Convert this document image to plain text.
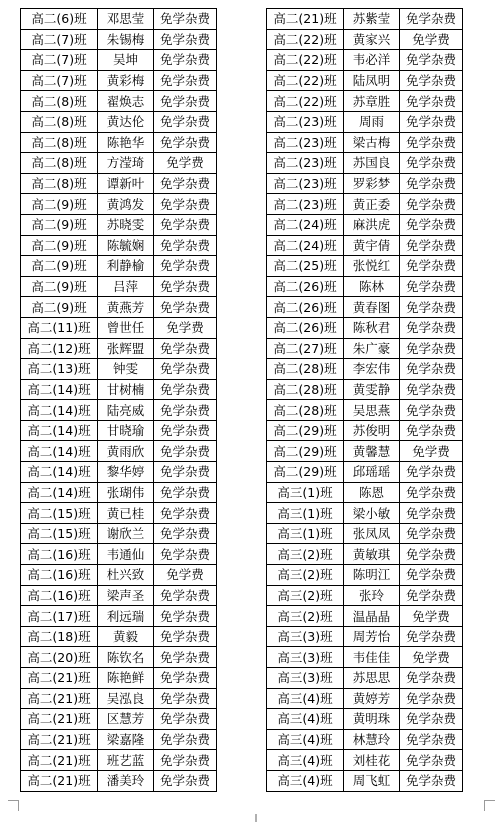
高二(6)班	邓思莹	免学杂费
高二(7)班	朱锡梅	免学杂费
高二(7)班	吴坤	免学杂费
高二(7)班	黄彩梅	免学杂费
高二(8)班	翟焕志	免学杂费
高二(8)班	黄达伦	免学杂费
高二(8)班	陈艳华	免学杂费
高二(8)班	方滢琦	免学费
高二(8)班	谭新叶	免学杂费
高二(9)班	黄鸿发	免学杂费
高二(9)班	苏晓雯	免学杂费
高二(9)班	陈毓娴	免学杂费
高二(9)班	利静榆	免学杂费
高二(9)班	吕萍	免学杂费
高二(9)班	黄燕芳	免学杂费
高二(11)班	曾世任	免学费
高二(12)班	张辉盟	免学杂费
高二(13)班	钟雯	免学杂费
高二(14)班	甘树楠	免学杂费
高二(14)班	陆亮威	免学杂费
高二(14)班	甘晓瑜	免学杂费
高二(14)班	黄雨欣	免学杂费
高二(14)班	黎华婷	免学杂费
高二(14)班	张瑚伟	免学杂费
高二(15)班	黄已桂	免学杂费
高二(15)班	谢欣兰	免学杂费
高二(16)班	韦通仙	免学杂费
高二(16)班	杜兴致	免学费
高二(16)班	梁声圣	免学杂费
高二(17)班	利远瑞	免学杂费
高二(18)班	黄毅	免学杂费
高二(20)班	陈钦名	免学杂费
高二(21)班	陈艳鲜	免学杂费
高二(21)班	吴泓良	免学杂费
高二(21)班	区慧芳	免学杂费
高二(21)班	梁嘉隆	免学杂费
高二(21)班	班艺蓝	免学杂费
高二(21)班	潘美玲	免学杂费
高二(21)班	苏紫莹	免学杂费
高二(22)班	黄家兴	免学费
高二(22)班	韦必洋	免学杂费
高二(22)班	陆凤明	免学杂费
高二(22)班	苏章胜	免学杂费
高二(23)班	周雨	免学杂费
高二(23)班	梁古梅	免学杂费
高二(23)班	苏国良	免学杂费
高二(23)班	罗彩梦	免学杂费
高二(23)班	黄正委	免学杂费
高二(24)班	麻洪虎	免学杂费
高二(24)班	黄宇倩	免学杂费
高二(25)班	张悦红	免学杂费
高二(26)班	陈林	免学杂费
高二(26)班	黄春图	免学杂费
高二(26)班	陈秋君	免学杂费
高二(27)班	朱广豪	免学杂费
高二(28)班	李宏伟	免学杂费
高二(28)班	黄雯静	免学杂费
高二(28)班	吴思燕	免学杂费
高二(29)班	苏俊明	免学杂费
高二(29)班	黄馨慧	免学费
高二(29)班	邱瑶瑶	免学杂费
高三(1)班	陈恩	免学杂费
高三(1)班	梁小敏	免学杂费
高三(1)班	张凤凤	免学杂费
高三(2)班	黄敏琪	免学杂费
高三(2)班	陈明江	免学杂费
高三(2)班	张玲	免学杂费
高三(2)班	温晶晶	免学费
高三(3)班	周芳怡	免学杂费
高三(3)班	韦佳佳	免学费
高三(3)班	苏思思	免学杂费
高三(4)班	黄婷芳	免学杂费
高三(4)班	黄明珠	免学杂费
高三(4)班	林慧玲	免学杂费
高三(4)班	刘桂花	免学杂费
高三(4)班	周飞虹	免学杂费
